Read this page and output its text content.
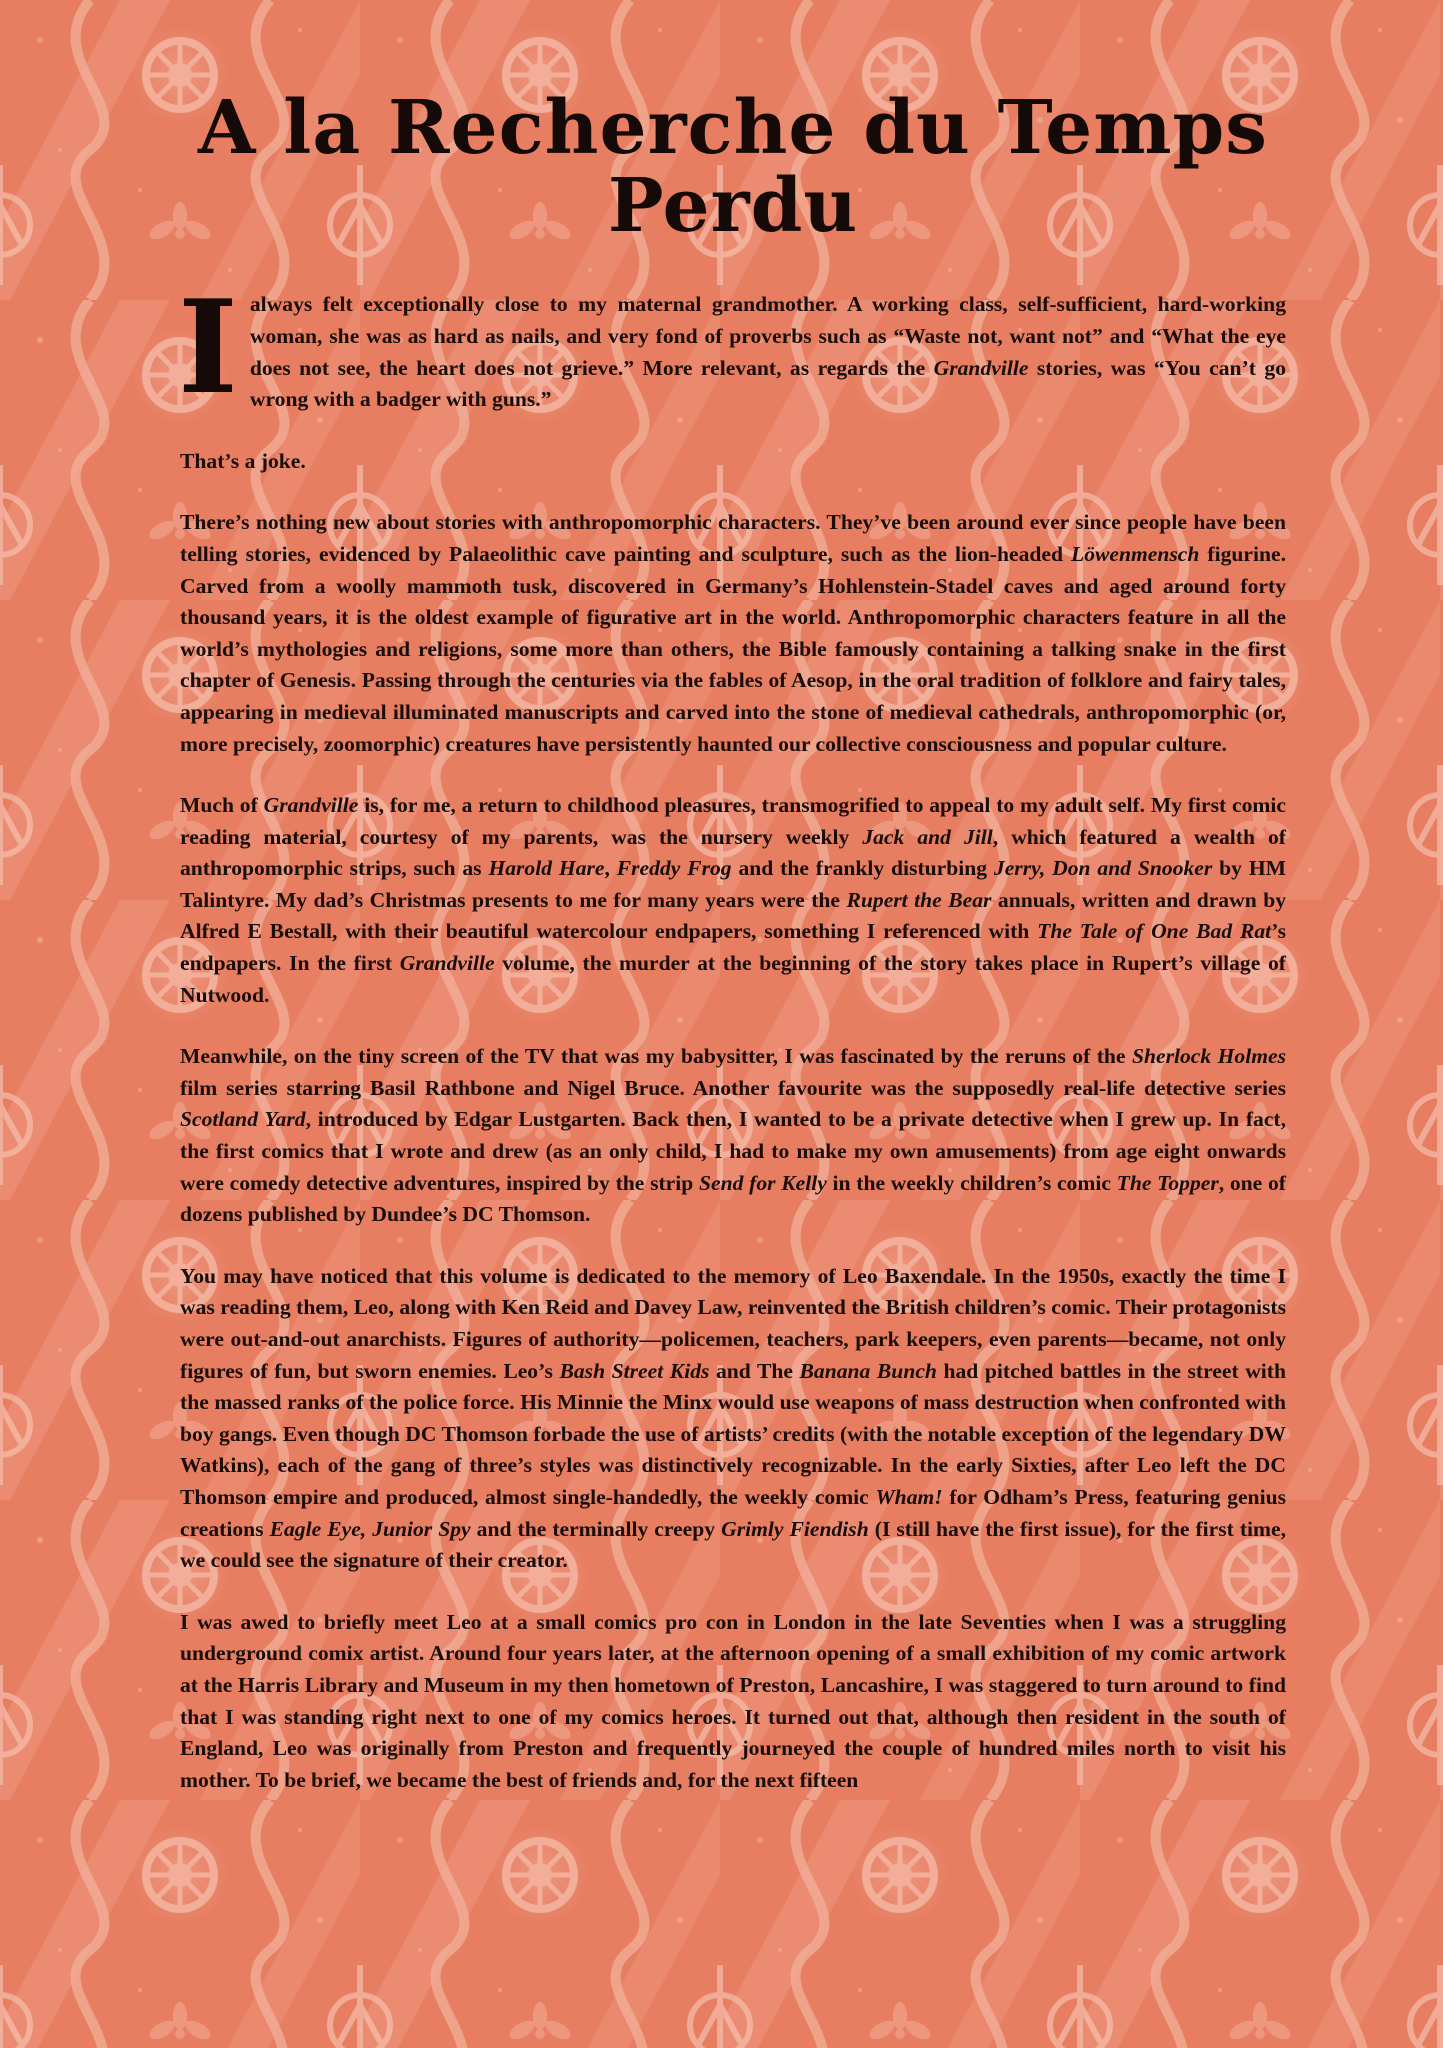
A la Recherche du Temps Perdu

I always felt exceptionally close to my maternal grandmother. A working class, self-sufficient, hard-working woman, she was as hard as nails, and very fond of proverbs such as “Waste not, want not” and “What the eye does not see, the heart does not grieve.” More relevant, as regards the Grandville stories, was “You can’t go wrong with a badger with guns.”

That’s a joke.

There’s nothing new about stories with anthropomorphic characters. They’ve been around ever since people have been telling stories, evidenced by Palaeolithic cave painting and sculpture, such as the lion-headed Löwenmensch figurine. Carved from a woolly mammoth tusk, discovered in Germany’s Hohlenstein-Stadel caves and aged around forty thousand years, it is the oldest example of figurative art in the world. Anthropomorphic characters feature in all the world’s mythologies and religions, some more than others, the Bible famously containing a talking snake in the first chapter of Genesis. Passing through the centuries via the fables of Aesop, in the oral tradition of folklore and fairy tales, appearing in medieval illuminated manuscripts and carved into the stone of medieval cathedrals, anthropomorphic (or, more precisely, zoomorphic) creatures have persistently haunted our collective consciousness and popular culture.

Much of Grandville is, for me, a return to childhood pleasures, transmogrified to appeal to my adult self. My first comic reading material, courtesy of my parents, was the nursery weekly Jack and Jill, which featured a wealth of anthropomorphic strips, such as Harold Hare, Freddy Frog and the frankly disturbing Jerry, Don and Snooker by HM Talintyre. My dad’s Christmas presents to me for many years were the Rupert the Bear annuals, written and drawn by Alfred E Bestall, with their beautiful watercolour endpapers, something I referenced with The Tale of One Bad Rat’s endpapers. In the first Grandville volume, the murder at the beginning of the story takes place in Rupert’s village of Nutwood.

Meanwhile, on the tiny screen of the TV that was my babysitter, I was fascinated by the reruns of the Sherlock Holmes film series starring Basil Rathbone and Nigel Bruce. Another favourite was the supposedly real-life detective series Scotland Yard, introduced by Edgar Lustgarten. Back then, I wanted to be a private detective when I grew up. In fact, the first comics that I wrote and drew (as an only child, I had to make my own amusements) from age eight onwards were comedy detective adventures, inspired by the strip Send for Kelly in the weekly children’s comic The Topper, one of dozens published by Dundee’s DC Thomson.

You may have noticed that this volume is dedicated to the memory of Leo Baxendale. In the 1950s, exactly the time I was reading them, Leo, along with Ken Reid and Davey Law, reinvented the British children’s comic. Their protagonists were out-and-out anarchists. Figures of authority—policemen, teachers, park keepers, even parents—became, not only figures of fun, but sworn enemies. Leo’s Bash Street Kids and The Banana Bunch had pitched battles in the street with the massed ranks of the police force. His Minnie the Minx would use weapons of mass destruction when confronted with boy gangs. Even though DC Thomson forbade the use of artists’ credits (with the notable exception of the legendary DW Watkins), each of the gang of three’s styles was distinctively recognizable. In the early Sixties, after Leo left the DC Thomson empire and produced, almost single-handedly, the weekly comic Wham! for Odham’s Press, featuring genius creations Eagle Eye, Junior Spy and the terminally creepy Grimly Fiendish (I still have the first issue), for the first time, we could see the signature of their creator.

I was awed to briefly meet Leo at a small comics pro con in London in the late Seventies when I was a struggling underground comix artist. Around four years later, at the afternoon opening of a small exhibition of my comic artwork at the Harris Library and Museum in my then hometown of Preston, Lancashire, I was staggered to turn around to find that I was standing right next to one of my comics heroes. It turned out that, although then resident in the south of England, Leo was originally from Preston and frequently journeyed the couple of hundred miles north to visit his mother. To be brief, we became the best of friends and, for the next fifteen
